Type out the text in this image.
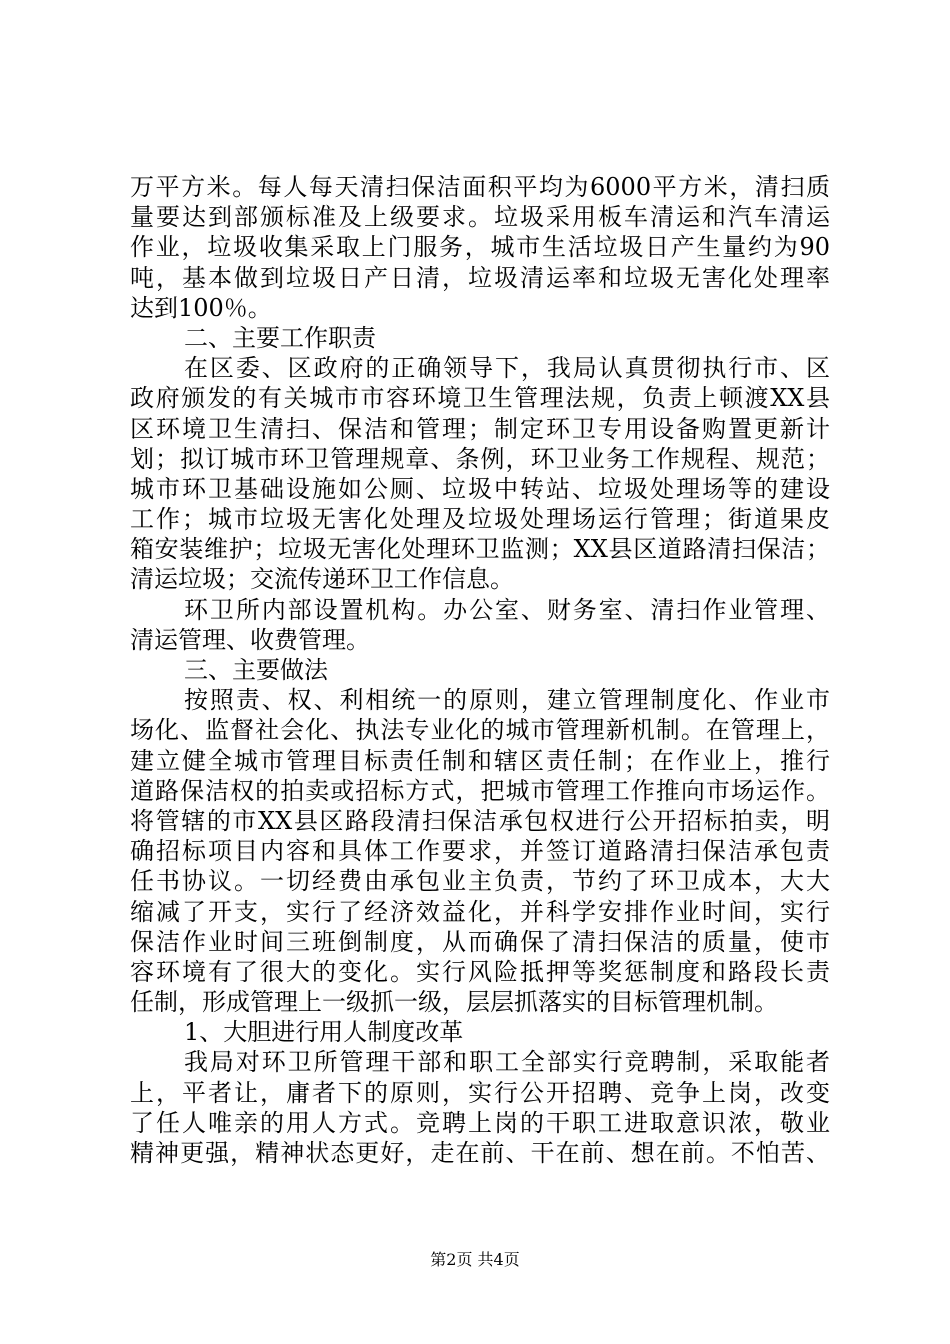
万平方米。每人每天清扫保洁面积平均为6000平方米，清扫质
量要达到部颁标准及上级要求。垃圾采用板车清运和汽车清运
作业，垃圾收集采取上门服务，城市生活垃圾日产生量约为90
吨，基本做到垃圾日产日清，垃圾清运率和垃圾无害化处理率
达到100％。
二、主要工作职责
在区委、区政府的正确领导下，我局认真贯彻执行市、区
政府颁发的有关城市市容环境卫生管理法规，负责上顿渡XX县
区环境卫生清扫、保洁和管理；制定环卫专用设备购置更新计
划；拟订城市环卫管理规章、条例，环卫业务工作规程、规范；
城市环卫基础设施如公厕、垃圾中转站、垃圾处理场等的建设
工作；城市垃圾无害化处理及垃圾处理场运行管理；街道果皮
箱安装维护；垃圾无害化处理环卫监测；XX县区道路清扫保洁；
清运垃圾；交流传递环卫工作信息。
环卫所内部设置机构。办公室、财务室、清扫作业管理、
清运管理、收费管理。
三、主要做法
按照责、权、利相统一的原则，建立管理制度化、作业市
场化、监督社会化、执法专业化的城市管理新机制。在管理上，
建立健全城市管理目标责任制和辖区责任制；在作业上，推行
道路保洁权的拍卖或招标方式，把城市管理工作推向市场运作。
将管辖的市XX县区路段清扫保洁承包权进行公开招标拍卖，明
确招标项目内容和具体工作要求，并签订道路清扫保洁承包责
任书协议。一切经费由承包业主负责，节约了环卫成本，大大
缩减了开支，实行了经济效益化，并科学安排作业时间，实行
保洁作业时间三班倒制度，从而确保了清扫保洁的质量，使市
容环境有了很大的变化。实行风险抵押等奖惩制度和路段长责
任制，形成管理上一级抓一级，层层抓落实的目标管理机制。
1、大胆进行用人制度改革
我局对环卫所管理干部和职工全部实行竞聘制，采取能者
上，平者让，庸者下的原则，实行公开招聘、竞争上岗，改变
了任人唯亲的用人方式。竞聘上岗的干职工进取意识浓，敬业
精神更强，精神状态更好，走在前、干在前、想在前。不怕苦、
第2页 共4页
